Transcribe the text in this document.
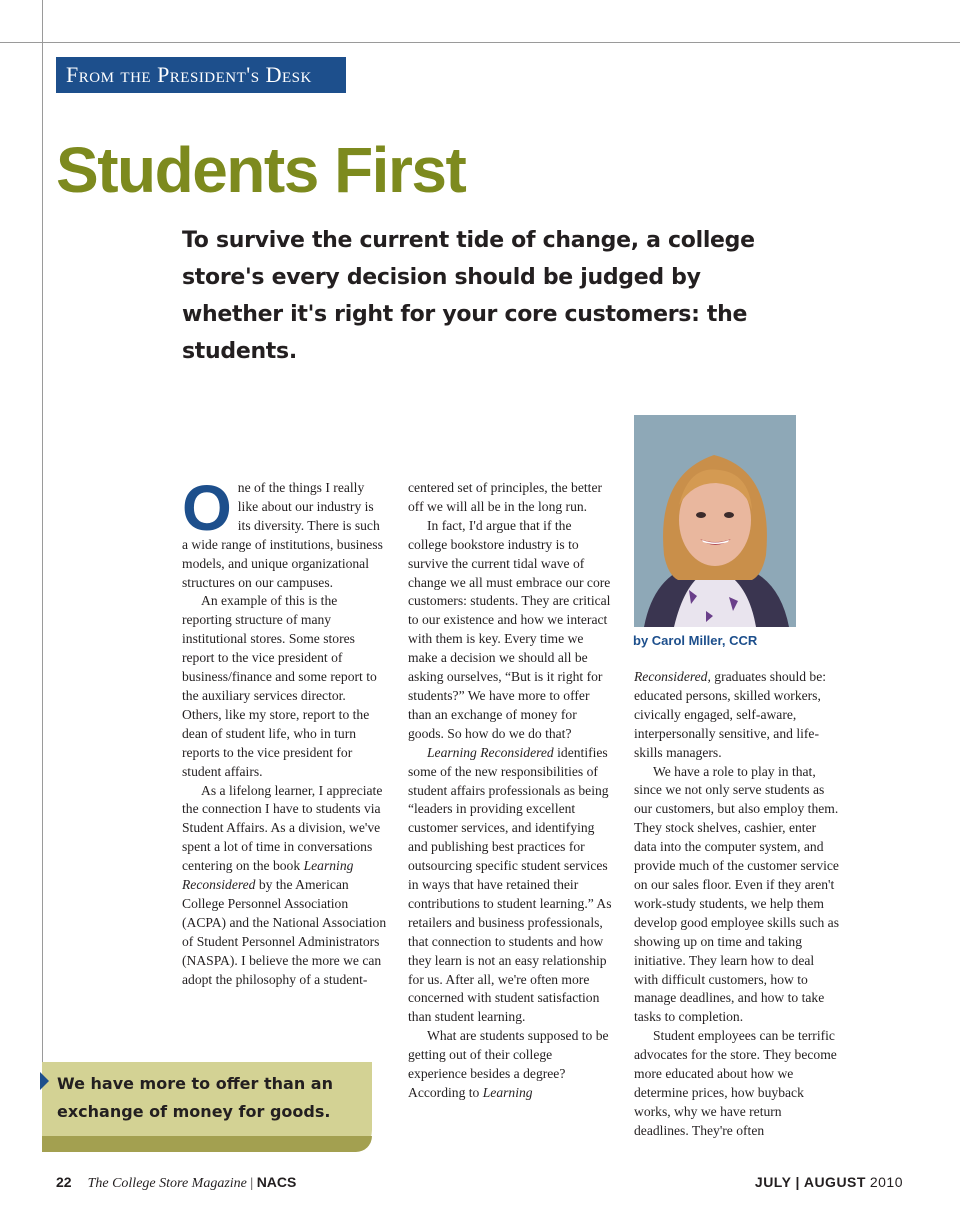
From the President's Desk
Students First

To survive the current tide of change, a college store's every decision should be judged by whether it's right for your core customers: the students.

by Carol Miller, CCR

One of the things I really like about our industry is its diversity. There is such a wide range of institutions, business models, and unique organizational structures on our campuses.

An example of this is the reporting structure of many institutional stores. Some stores report to the vice president of business/finance and some report to the auxiliary services director. Others, like my store, report to the dean of student life, who in turn reports to the vice president for student affairs.

As a lifelong learner, I appreciate the connection I have to students via Student Affairs. As a division, we've spent a lot of time in conversations centering on the book Learning Reconsidered by the American College Personnel Association (ACPA) and the National Association of Student Personnel Administrators (NASPA). I believe the more we can adopt the philosophy of a student-

centered set of principles, the better off we will all be in the long run.

In fact, I'd argue that if the college bookstore industry is to survive the current tidal wave of change we all must embrace our core customers: students. They are critical to our existence and how we interact with them is key. Every time we make a decision we should all be asking ourselves, “But is it right for students?” We have more to offer than an exchange of money for goods. So how do we do that?

Learning Reconsidered identifies some of the new responsibilities of student affairs professionals as being “leaders in providing excellent customer services, and identifying and publishing best practices for outsourcing specific student services in ways that have retained their contributions to student learning.” As retailers and business professionals, that connection to students and how they learn is not an easy relationship for us. After all, we're often more concerned with student satisfaction than student learning.

What are students supposed to be getting out of their college experience besides a degree? According to Learning

Reconsidered, graduates should be: educated persons, skilled workers, civically engaged, self-aware, interpersonally sensitive, and life-skills managers.

We have a role to play in that, since we not only serve students as our customers, but also employ them. They stock shelves, cashier, enter data into the computer system, and provide much of the customer service on our sales floor. Even if they aren't work-study students, we help them develop good employee skills such as showing up on time and taking initiative. They learn how to deal with difficult customers, how to manage deadlines, and how to take tasks to completion.

Student employees can be terrific advocates for the store. They become more educated about how we determine prices, how buyback works, why we have return deadlines. They're often

We have more to offer than an exchange of money for goods.

22 The College Store Magazine | NACS	JULY | AUGUST 2010
